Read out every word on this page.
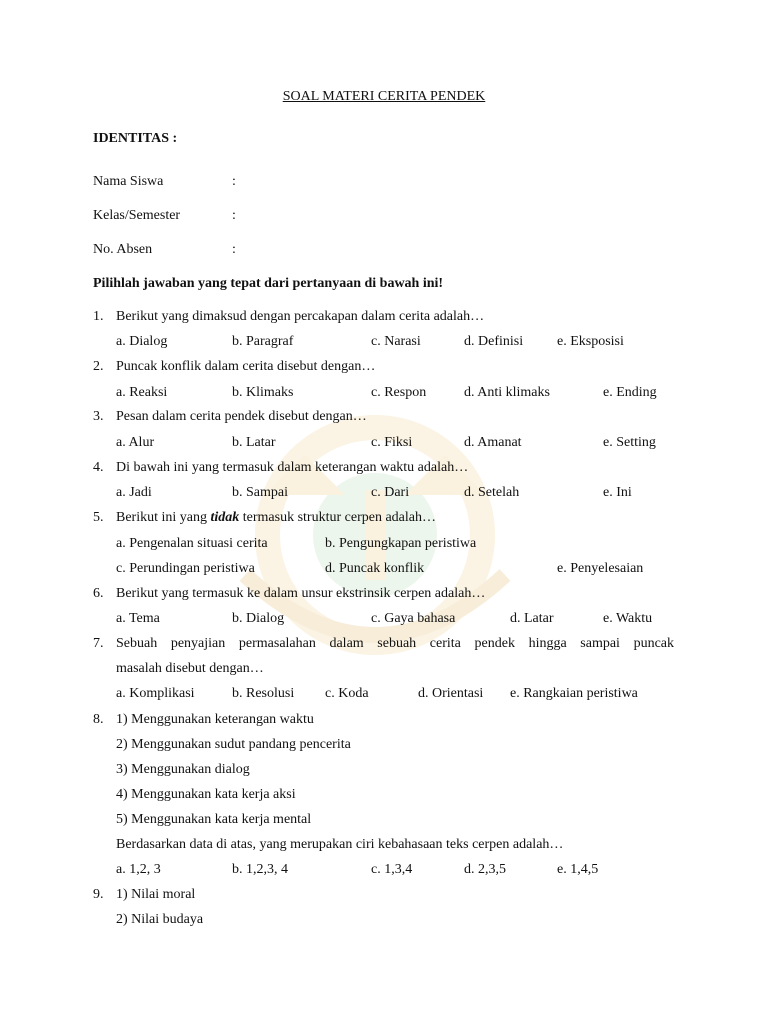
SOAL MATERI CERITA PENDEK
IDENTITAS :
Nama Siswa	:
Kelas/Semester	:
No. Absen	:
Pilihlah jawaban yang tepat dari pertanyaan di bawah ini!
1. Berikut yang dimaksud dengan percakapan dalam cerita adalah…
a. Dialog	b. Paragraf	c. Narasi	d. Definisi e. Eksposisi
2. Puncak konflik dalam cerita disebut dengan…
a. Reaksi	b. Klimaks	c. Respon	d. Anti klimaks	e. Ending
3. Pesan dalam cerita pendek disebut dengan…
a. Alur	b. Latar	c. Fiksi	d. Amanat	e. Setting
4. Di bawah ini yang termasuk dalam keterangan waktu adalah…
a. Jadi	b. Sampai	c. Dari	d. Setelah	e. Ini
5. Berikut ini yang tidak termasuk struktur cerpen adalah…
a. Pengenalan situasi cerita	b. Pengungkapan peristiwa
c. Perundingan peristiwa	d. Puncak konflik	e. Penyelesaian
6. Berikut yang termasuk ke dalam unsur ekstrinsik cerpen adalah…
a. Tema	b. Dialog	c. Gaya bahasa	d. Latar	e. Waktu
7. Sebuah penyajian permasalahan dalam sebuah cerita pendek hingga sampai puncak
masalah disebut dengan…
a. Komplikasi	b. Resolusi c. Koda	d. Orientasi e. Rangkaian peristiwa
8. 1) Menggunakan keterangan waktu
2) Menggunakan sudut pandang pencerita
3) Menggunakan dialog
4) Menggunakan kata kerja aksi
5) Menggunakan kata kerja mental
Berdasarkan data di atas, yang merupakan ciri kebahasaan teks cerpen adalah…
a. 1,2, 3	b. 1,2,3, 4	c. 1,3,4	d. 2,3,5	e. 1,4,5
9. 1) Nilai moral
2) Nilai budaya
